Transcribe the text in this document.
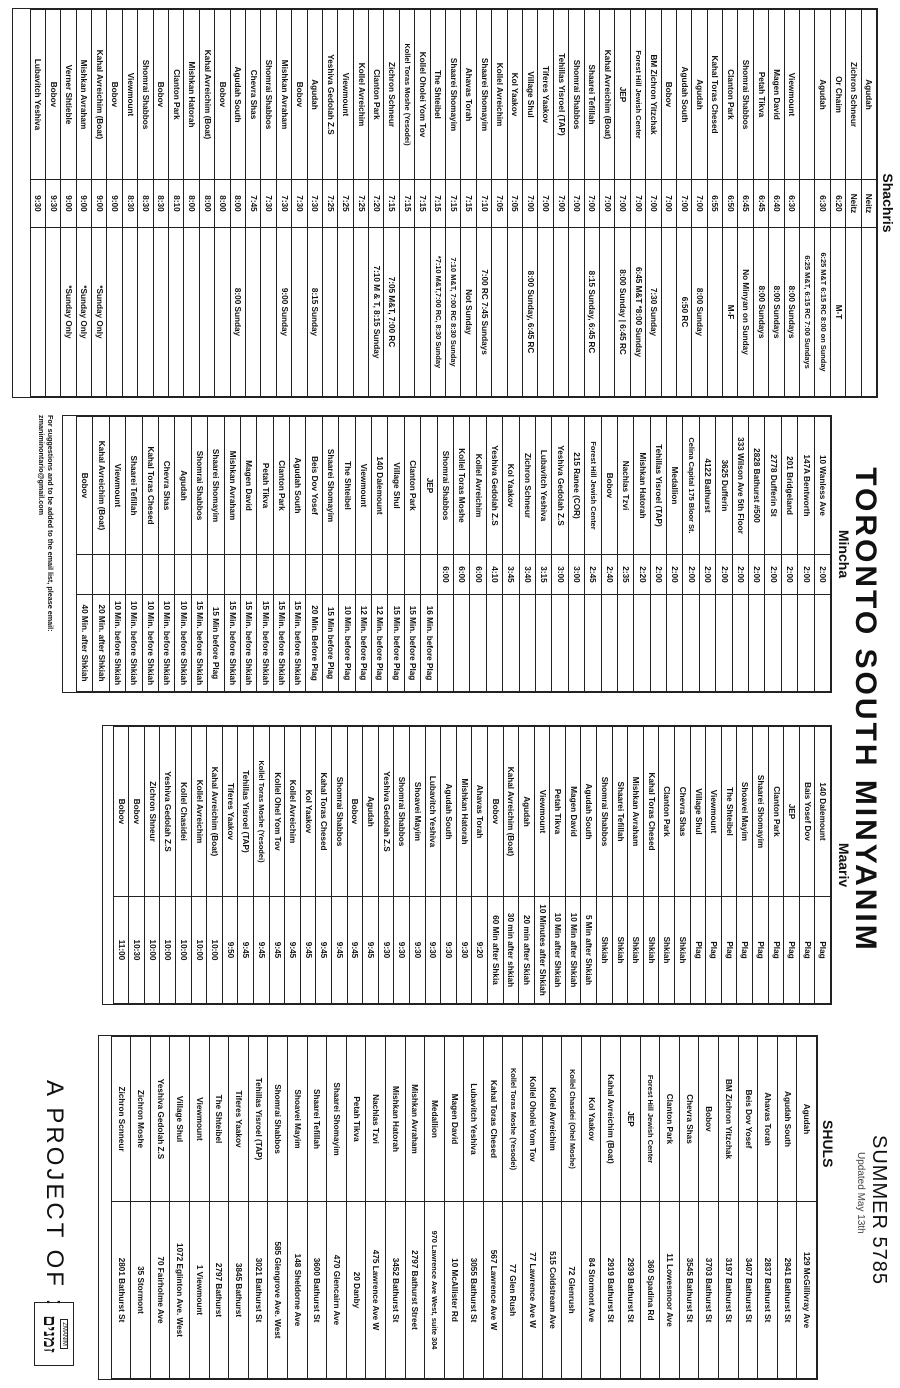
TORONTO SOUTH MINYANIM
SUMMER 5785
Updated May 13th
Shachris
Agudah	Neitz	
Zichron Schneur	Neitz	
Or Chaim	6:20	M-T
Agudah	6:30	6:25 M&T 6:15 RC 8:00 on Sunday
		6:25 M&T, 6:15 RC 7:00 Sundays
Viewmount	6:30	8:00 Sundays
Magen David	6:40	8:00 Sundays
Petah Tikva	6:45	8:00 Sundays
Shomrai Shabbos	6:45	No Minyan on Sunday
Clanton Park	6:50	M-F
Kahal Toras Chesed	6:55	
Agudah	7:00	8:00 Sunday
Agudah South	7:00	6:50 RC
Bobov	7:00	
BM Zichron Yitzchak	7:00	7:30 Sunday
Forest Hill Jewish Center	7:00	6:45 M&T *8:00 Sunday
JEP	7:00	8:00 Sunday | 6:45 RC
Kahal Avreichim (Boat)	7:00	
Shaarei Tefillah	7:00	8:15 Sunday, 6:45 RC
Shomrai Shabbos	7:00	
Tehillas Yisroel (TAP)	7:00	
Tiferes Yaakov	7:00	
Village Shul	7:00	8:00 Sunday, 6:45 RC
Kol Yaakov	7:05	
Kollel Avreichim	7:05	
Shaarei Shomayim	7:10	7:00 RC 7:45 Sundays
Ahavas Torah	7:15	Not Sunday
Shaarei Shomayim	7:15	7:10 M&T, 7:00 RC 8:30 Sunday
The Shteibel	7:15	*7:10 M&T,7:00 RC, 8:30 Sunday
Kollel Oholei Yom Tov	7:15	
Kollel Toras Moshe (Yesodei)	7:15	
Zichron Schneur	7:15	7:05 M&T, 7:00 RC
Clanton Park	7:20	7:10 M & T, 8:15 Sunday
Kollel Avreichim	7:25	
Viewmount	7:25	
Yeshiva Gedolah Z.S	7:25	
Agudah	7:30	8:15 Sunday
Bobov	7:30	
Mishkan Avraham	7:30	9:00 Sunday
Shomrai Shabbos	7:30	
Chevra Shas	7:45	
Agudah South	8:00	8:00 Sunday
Bobov	8:00	
Kahal Avreichim (Boat)	8:00	
Mishkan Hatorah	8:00	
Clanton Park	8:10	
Bobov	8:30	
Shomrai Shabbos	8:30	
Viewmount	8:30	
Bobov	9:00	
Kahal Avreichim (Boat)	9:00	*Sunday Only
Mishkan Avraham	9:00	*Sunday Only
Verner Shtieble	9:00	*Sunday Only
Bobov	9:30	
Lubavitch Yeshiva	9:30	
Mincha
10 Wanless Ave	2:00	
147A Bentworth	2:00	
201 Bridgeland	2:00	
2778 Dufferin St	2:00	
2828 Bathurst #500	2:00	
333 Wilson Ave 5th Floor	2:00	
3625 Dufferin	2:00	
4122 Bathurst	2:00	
Celina Capital 175 Bloor St.	2:00	
Medallion	2:00	
Tehillas Yisroel (TAP)	2:00	
Mishkan Hatorah	2:20	
Nachlas Tzvi	2:35	
Bobov	2:40	
Forest Hill Jewish Center	2:45	
215 Ranee (COR)	3:00	
Yeshiva Gedolah Z.S	3:00	
Lubavitch Yeshiva	3:15	
Zichron Schneur	3:40	
Kol Yaakov	3:45	
Yeshiva Gedolah Z.S	4:10	
Kollel Avreichim	6:00	
Kollel Toras Moshe	6:00	
Shomrai Shabbos	6:00	
JEP		16 Min. before Plag
Clanton Park		15 Min. before Plag
Village Shul		15 Min. before Plag
140 Dalemount		12 Min. before Plag
Viewmount		12 Min. before Plag
The Shteibel		10 Min. before Plag
Shaarei Shomayim		15 Min before Plag
Beis Dov Yosef		20 Min. Before Plag
Agudah South		15 Min. before Shkiah
Clanton Park		15 Min. before Shkiah
Petah Tikva		15 Min. before Shkiah
Magen David		15 Min. before Shkiah
Mishkan Avraham		15 Min. before Shkiah
Shaarei Shomayim		15 Min before Plag
Shomrai Shabbos		15 Min. before Shkiah
Agudah		10 Min. before Shkiah
Chevra Shas		10 Min. before Shkiah
Kahal Toras Chesed		10 Min. before Shkiah
Shaarei Tefillah		10 Min. before Shkiah
Viewmount		10 Min. before Shkiah
Kahal Avreichim (Boat)		20 Min. after Shkiah
Bobov		40 Min. after Shkiah
For suggestions and to be added to the email list, please email: zmaniminontario@gmail.com
Maariv
140 Dalemount	Plag
Bais Yosef Dov	Plag
JEP	Plag
Clanton Park	Plag
Shaarei Shomayim	Plag
Shoavei Mayim	Plag
The Shteibel	Plag
Viewmount	Plag
Village Shul	Plag
Chevra Shas	Shkiah
Clanton Park	Shkiah
Kahal Toras Chesed	Shkiah
Mishkan Avraham	Shkiah
Shaarei Tefillah	Shkiah
Shomrai Shabbos	Shkiah
Agudah South	5 Min after Shkiah
Magen David	10 Min after Shkiah
Petah Tikva	10 Min after Shkiah
Viewmount	10 Minutes after Shkiah
Agudah	20 min after Skiah
Kahal Avreichim (Boat)	30 min after shkiah
Bobov	60 Min after Shkia
Ahavas Torah	9:20
Mishkan Hatorah	9:30
Agudah South	9:30
Lubavitch Yeshiva	9:30
Shoavei Mayim	9:30
Shomrai Shabbos	9:30
Yeshiva Gedolah Z.S	9:30
Agudah	9:45
Bobov	9:45
Shomrai Shabbos	9:45
Kahal Toras Chesed	9:45
Kol Yaakov	9:45
Kollel Avreichim	9:45
Kollel Ohel Yom Tov	9:45
Kollel Toras Moshe (Yesodei)	9:45
Tehillas Yisroel (TAP)	9:45
Tiferes Yaakov	9:50
Kahal Avreichim (Boat)	10:00
Kollel Avreichim	10:00
Kollel Chasidei	10:00
Yeshiva Gedolah Z.S	10:00
Zichron Shneur	10:00
Bobov	10:30
Bobov	11:00
SHULS
Agudah	129 McGillivray Ave
Agudah South	2941 Bathurst St
Ahavas Torah	2837 Bathurst St
Beis Dov Yosef	3407 Bathurst St
BM Zichron Yitzchak	3197 Bathurst St
Bobov	3703 Bathurst St
Chevra Shas	3545 Bathurst St
Clanton Park	11 Lowesmoor Ave
Forest Hill Jewish Center	360 Spadina Rd
JEP	2939 Bathurst St
Kahal Avreichim (Boat)	2919 Bathurst St
Kol Yaakov	84 Stormont Ave
Kollel Chasdei (Ohel Moshe)	72 Glenrush
Kollel Avreichim	515 Coldstream Ave
Kollel Oholei Yom Tov	77 Lawrence Ave W
Kollel Toras Moshe (Yesodei)	77 Glen Rush
Kahal Toras Chesed	567 Lawrence Ave W
Lubavitch Yeshiva	3055 Bathurst St
Magen David	10 McAllister Rd
Medallion	970 Lawrence Ave West, suite 304
Mishkan Avraham	2797 Bathurst Street
Mishkan Hatorah	3452 Bathurst St
Nachlas Tzvi	475 Lawrence Ave W
Petah Tikva	20 Danby
Shaarei Shomayim	470 Glencairn Ave
Shaarei Tefillah	3600 Bathurst St
Shoavei Mayim	148 Sheldorne Ave
Shomrai Shabbos	585 Glengrove Ave. West
Tehillas Yisroel (TAP)	3021 Bathurst St
Tiferes Yaakov	3845 Bathurst
The Shteibel	2797 Bathurst
Viewmount	1 Viewmount
Village Shul	1072 Eglinton Ave. West
Yeshiva Gedolah Z.S	70 Fairholme Ave
Zichron Moshe	35 Stormont
Zichron Scnneur	2801 Bathurst St
A PROJECT OF :
ZMANIM
זמנים
